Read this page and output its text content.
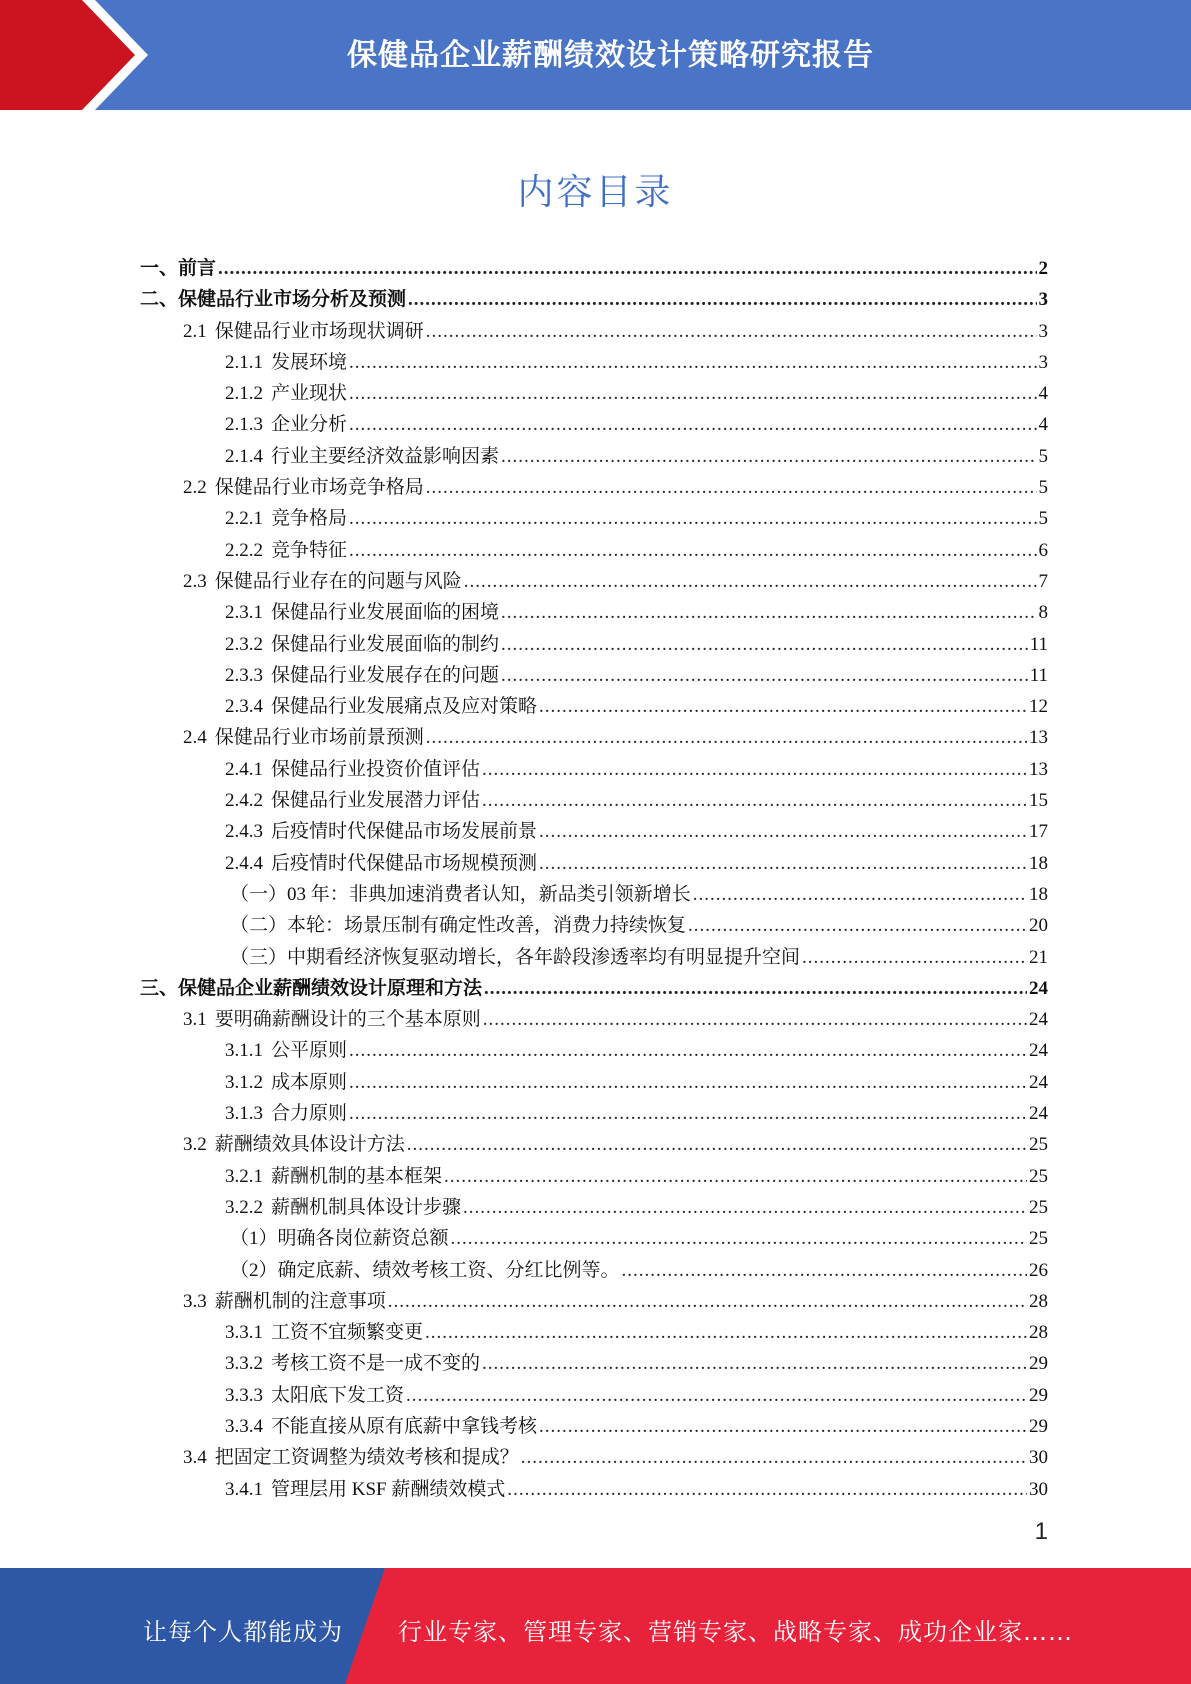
保健品企业薪酬绩效设计策略研究报告
内容目录
一、前言 .....	2
二、保健品行业市场分析及预测 .....	3
2.1 保健品行业市场现状调研 .....	3
2.1.1 发展环境 .....	3
2.1.2 产业现状 .....	4
2.1.3 企业分析 .....	4
2.1.4 行业主要经济效益影响因素 .....	5
2.2 保健品行业市场竞争格局 .....	5
2.2.1 竞争格局 .....	5
2.2.2 竞争特征 .....	6
2.3 保健品行业存在的问题与风险 .....	7
2.3.1 保健品行业发展面临的困境 .....	8
2.3.2 保健品行业发展面临的制约 .....	11
2.3.3 保健品行业发展存在的问题 .....	11
2.3.4 保健品行业发展痛点及应对策略 .....	12
2.4 保健品行业市场前景预测 .....	13
2.4.1 保健品行业投资价值评估 .....	13
2.4.2 保健品行业发展潜力评估 .....	15
2.4.3 后疫情时代保健品市场发展前景 .....	17
2.4.4 后疫情时代保健品市场规模预测 .....	18
（一）03 年：非典加速消费者认知，新品类引领新增长 .....	18
（二）本轮：场景压制有确定性改善，消费力持续恢复 .....	20
（三）中期看经济恢复驱动增长，各年龄段渗透率均有明显提升空间 .....	21
三、保健品企业薪酬绩效设计原理和方法 .....	24
3.1 要明确薪酬设计的三个基本原则 .....	24
3.1.1 公平原则 .....	24
3.1.2 成本原则 .....	24
3.1.3 合力原则 .....	24
3.2 薪酬绩效具体设计方法 .....	25
3.2.1 薪酬机制的基本框架 .....	25
3.2.2 薪酬机制具体设计步骤 .....	25
（1）明确各岗位薪资总额 .....	25
（2）确定底薪、绩效考核工资、分红比例等。 .....	26
3.3 薪酬机制的注意事项 .....	28
3.3.1 工资不宜频繁变更 .....	28
3.3.2 考核工资不是一成不变的 .....	29
3.3.3 太阳底下发工资 .....	29
3.3.4 不能直接从原有底薪中拿钱考核 .....	29
3.4 把固定工资调整为绩效考核和提成？ .....	30
3.4.1 管理层用 KSF 薪酬绩效模式 .....	30
1
让每个人都能成为 行业专家、管理专家、营销专家、战略专家、成功企业家……
